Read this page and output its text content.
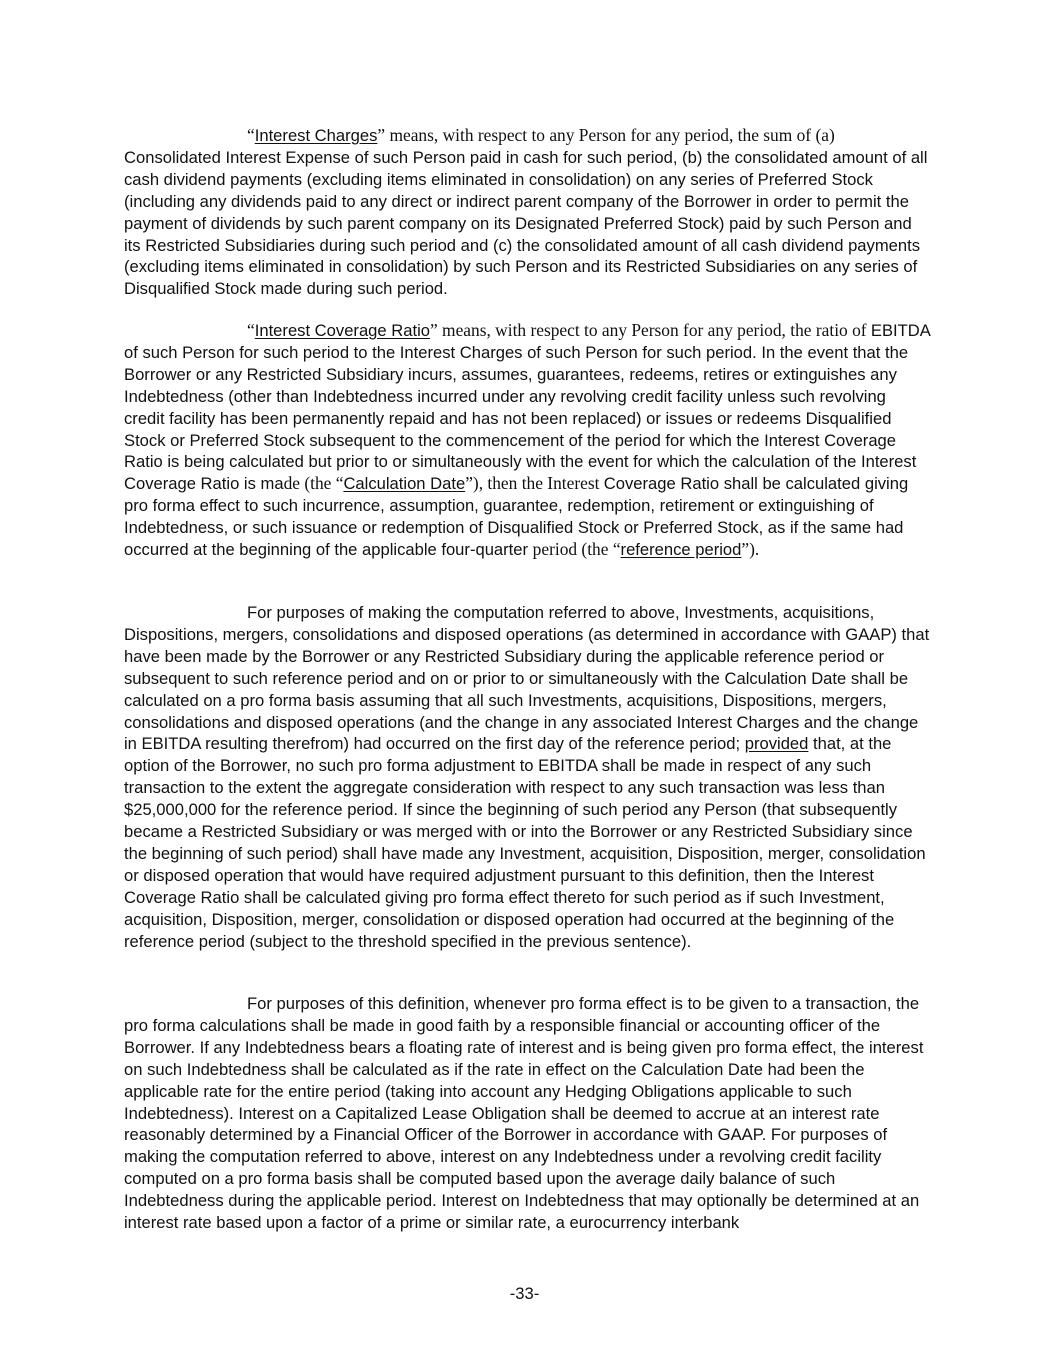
“Interest Charges” means, with respect to any Person for any period, the sum of (a) Consolidated Interest Expense of such Person paid in cash for such period, (b) the consolidated amount of all cash dividend payments (excluding items eliminated in consolidation) on any series of Preferred Stock (including any dividends paid to any direct or indirect parent company of the Borrower in order to permit the payment of dividends by such parent company on its Designated Preferred Stock) paid by such Person and its Restricted Subsidiaries during such period and (c) the consolidated amount of all cash dividend payments (excluding items eliminated in consolidation) by such Person and its Restricted Subsidiaries on any series of Disqualified Stock made during such period.

“Interest Coverage Ratio” means, with respect to any Person for any period, the ratio of EBITDA of such Person for such period to the Interest Charges of such Person for such period. In the event that the Borrower or any Restricted Subsidiary incurs, assumes, guarantees, redeems, retires or extinguishes any Indebtedness (other than Indebtedness incurred under any revolving credit facility unless such revolving credit facility has been permanently repaid and has not been replaced) or issues or redeems Disqualified Stock or Preferred Stock subsequent to the commencement of the period for which the Interest Coverage Ratio is being calculated but prior to or simultaneously with the event for which the calculation of the Interest Coverage Ratio is made (the “Calculation Date”), then the Interest Coverage Ratio shall be calculated giving pro forma effect to such incurrence, assumption, guarantee, redemption, retirement or extinguishing of Indebtedness, or such issuance or redemption of Disqualified Stock or Preferred Stock, as if the same had occurred at the beginning of the applicable four-quarter period (the “reference period”).

For purposes of making the computation referred to above, Investments, acquisitions, Dispositions, mergers, consolidations and disposed operations (as determined in accordance with GAAP) that have been made by the Borrower or any Restricted Subsidiary during the applicable reference period or subsequent to such reference period and on or prior to or simultaneously with the Calculation Date shall be calculated on a pro forma basis assuming that all such Investments, acquisitions, Dispositions, mergers, consolidations and disposed operations (and the change in any associated Interest Charges and the change in EBITDA resulting therefrom) had occurred on the first day of the reference period; provided that, at the option of the Borrower, no such pro forma adjustment to EBITDA shall be made in respect of any such transaction to the extent the aggregate consideration with respect to any such transaction was less than $25,000,000 for the reference period. If since the beginning of such period any Person (that subsequently became a Restricted Subsidiary or was merged with or into the Borrower or any Restricted Subsidiary since the beginning of such period) shall have made any Investment, acquisition, Disposition, merger, consolidation or disposed operation that would have required adjustment pursuant to this definition, then the Interest Coverage Ratio shall be calculated giving pro forma effect thereto for such period as if such Investment, acquisition, Disposition, merger, consolidation or disposed operation had occurred at the beginning of the reference period (subject to the threshold specified in the previous sentence).

For purposes of this definition, whenever pro forma effect is to be given to a transaction, the pro forma calculations shall be made in good faith by a responsible financial or accounting officer of the Borrower. If any Indebtedness bears a floating rate of interest and is being given pro forma effect, the interest on such Indebtedness shall be calculated as if the rate in effect on the Calculation Date had been the applicable rate for the entire period (taking into account any Hedging Obligations applicable to such Indebtedness). Interest on a Capitalized Lease Obligation shall be deemed to accrue at an interest rate reasonably determined by a Financial Officer of the Borrower in accordance with GAAP. For purposes of making the computation referred to above, interest on any Indebtedness under a revolving credit facility computed on a pro forma basis shall be computed based upon the average daily balance of such Indebtedness during the applicable period. Interest on Indebtedness that may optionally be determined at an interest rate based upon a factor of a prime or similar rate, a eurocurrency interbank

-33-
